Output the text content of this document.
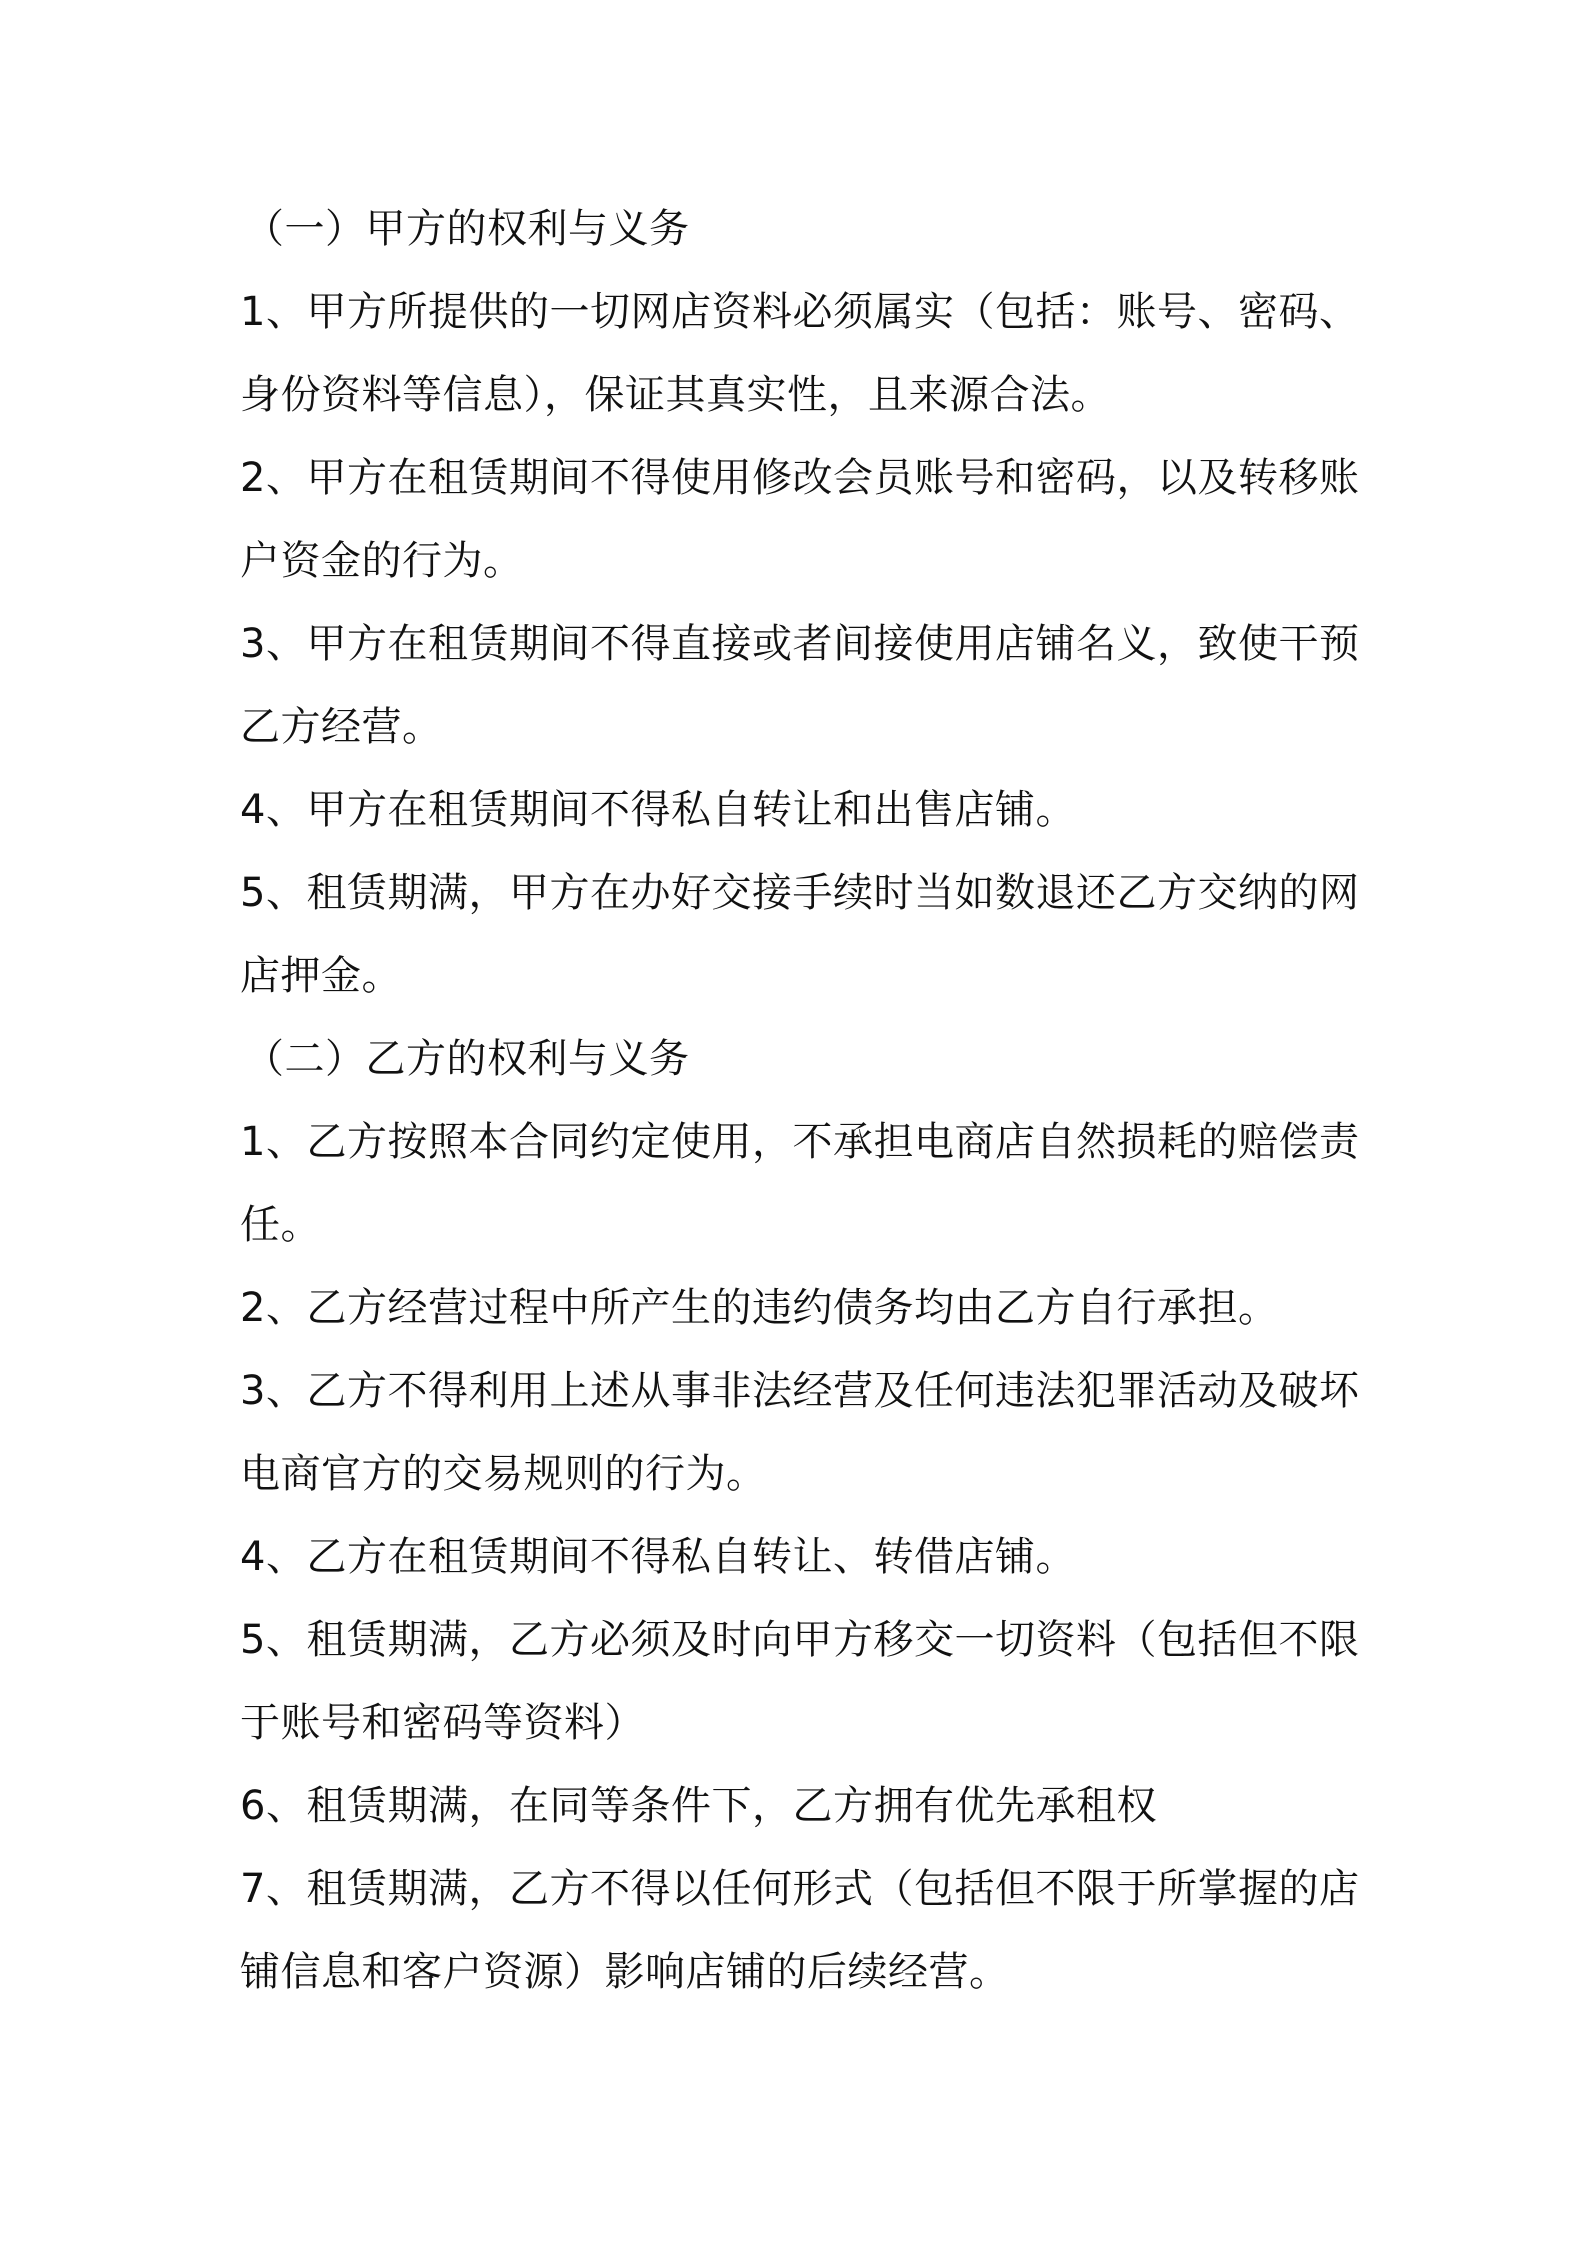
（一）甲方的权利与义务
1、甲方所提供的一切网店资料必须属实（包括：账号、密码、
身份资料等信息），保证其真实性，且来源合法。
2、甲方在租赁期间不得使用修改会员账号和密码，以及转移账
户资金的行为。
3、甲方在租赁期间不得直接或者间接使用店铺名义，致使干预
乙方经营。
4、甲方在租赁期间不得私自转让和出售店铺。
5、租赁期满，甲方在办好交接手续时当如数退还乙方交纳的网
店押金。
（二）乙方的权利与义务
1、乙方按照本合同约定使用，不承担电商店自然损耗的赔偿责
任。
2、乙方经营过程中所产生的违约债务均由乙方自行承担。
3、乙方不得利用上述从事非法经营及任何违法犯罪活动及破坏
电商官方的交易规则的行为。
4、乙方在租赁期间不得私自转让、转借店铺。
5、租赁期满，乙方必须及时向甲方移交一切资料（包括但不限
于账号和密码等资料）
6、租赁期满，在同等条件下，乙方拥有优先承租权
7、租赁期满，乙方不得以任何形式（包括但不限于所掌握的店
铺信息和客户资源）影响店铺的后续经营。
